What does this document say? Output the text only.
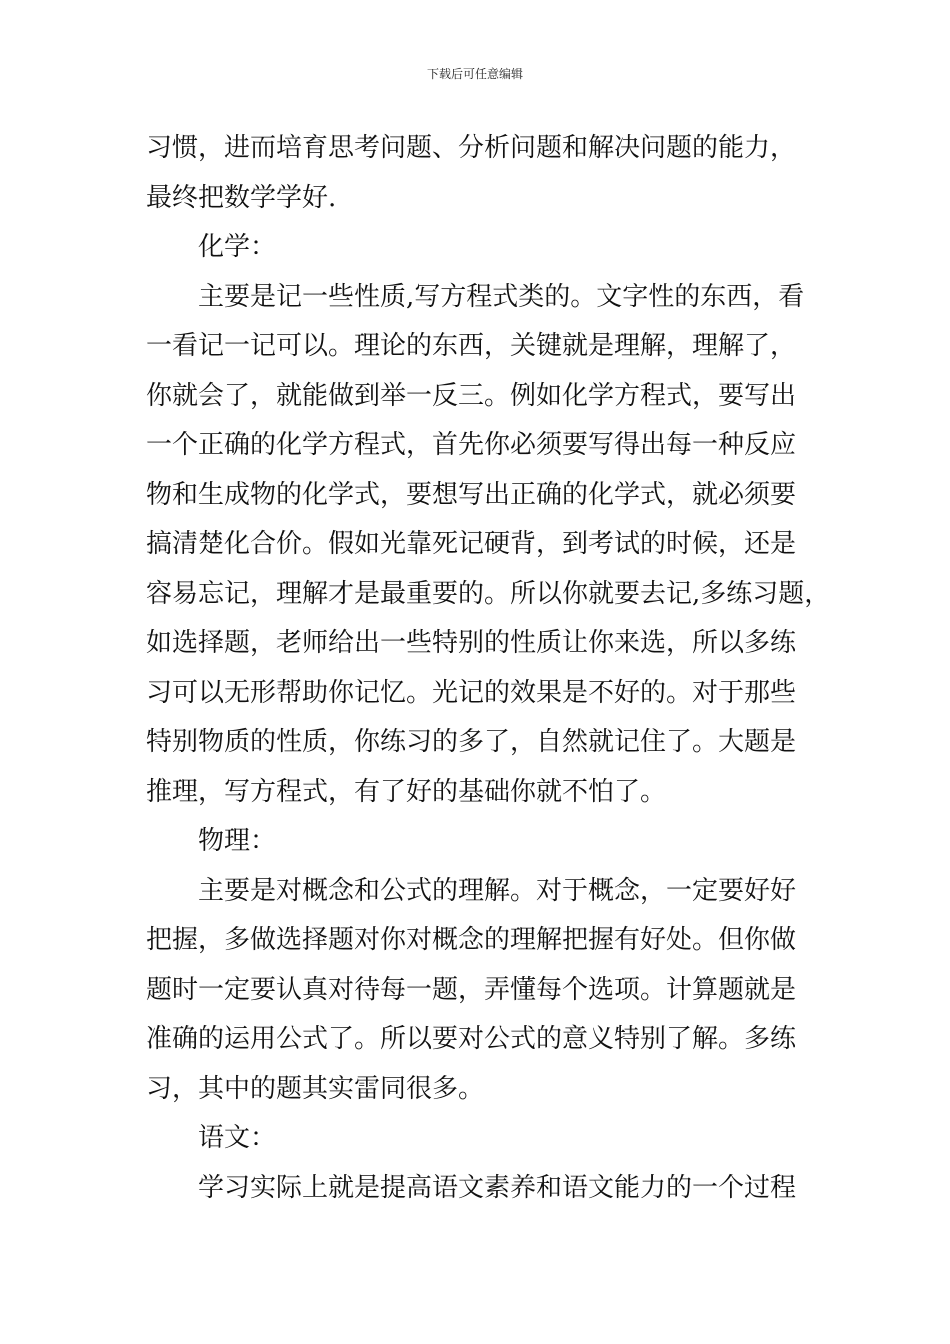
下载后可任意编辑
习惯，进而培育思考问题、分析问题和解决问题的能力，
最终把数学学好.
化学：
主要是记一些性质,写方程式类的。文字性的东西，看
一看记一记可以。理论的东西，关键就是理解，理解了，
你就会了，就能做到举一反三。例如化学方程式，要写出
一个正确的化学方程式，首先你必须要写得出每一种反应
物和生成物的化学式，要想写出正确的化学式，就必须要
搞清楚化合价。假如光靠死记硬背，到考试的时候，还是
容易忘记，理解才是最重要的。所以你就要去记,多练习题，
如选择题，老师给出一些特别的性质让你来选，所以多练
习可以无形帮助你记忆。光记的效果是不好的。对于那些
特别物质的性质，你练习的多了，自然就记住了。大题是
推理，写方程式，有了好的基础你就不怕了。
物理：
主要是对概念和公式的理解。对于概念，一定要好好
把握，多做选择题对你对概念的理解把握有好处。但你做
题时一定要认真对待每一题，弄懂每个选项。计算题就是
准确的运用公式了。所以要对公式的意义特别了解。多练
习，其中的题其实雷同很多。
语文：
学习实际上就是提高语文素养和语文能力的一个过程
